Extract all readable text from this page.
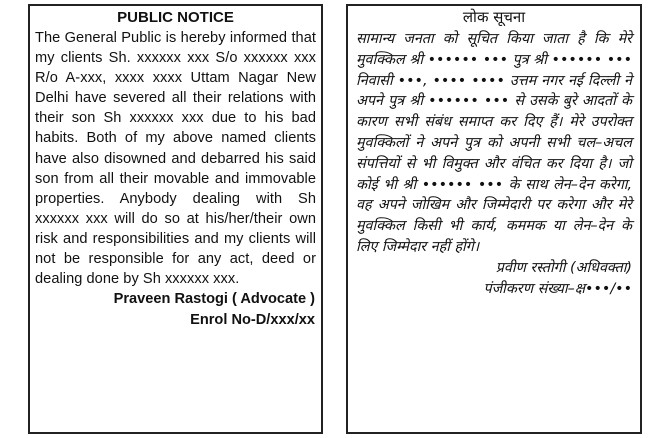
PUBLIC NOTICE

The General Public is hereby informed that my clients Sh. xxxxxx xxx S/o xxxxxx xxx R/o A-xxx, xxxx xxxx Uttam Nagar New Delhi have severed all their relations with their son Sh xxxxxx xxx due to his bad habits. Both of my above named clients have also disowned and debarred his said son from all their movable and immovable properties. Anybody dealing with Sh xxxxxx xxx will do so at his/her/their own risk and responsibilities and my clients will not be responsible for any act, deed or dealing done by Sh xxxxxx xxx.

Praveen Rastogi ( Advocate )

Enrol No-D/xxx/xx

लोक सूचना

सामान्य जनता को सूचित किया जाता है कि मेरे मुवक्किल श्री •••••• ••• पुत्र श्री •••••• ••• निवासी •••, •••• •••• उत्तम नगर नई दिल्ली ने अपने पुत्र श्री •••••• ••• से उसके बुरे आदतों के कारण सभी संबंध समाप्त कर दिए हैं। मेरे उपरोक्त मुवक्किलों ने अपने पुत्र को अपनी सभी चल–अचल संपत्तियों से भी विमुक्त और वंचित कर दिया है। जो कोई भी श्री •••••• ••• के साथ लेन–देन करेगा, वह अपने जोखिम और जिम्मेदारी पर करेगा और मेरे मुवक्किल किसी भी कार्य, कममक या लेन–देन के लिए जिम्मेदार नहीं होंगे।

प्रवीण रस्तोगी (अधिवक्ता)

पंजीकरण संख्या–क्ष•••/••
